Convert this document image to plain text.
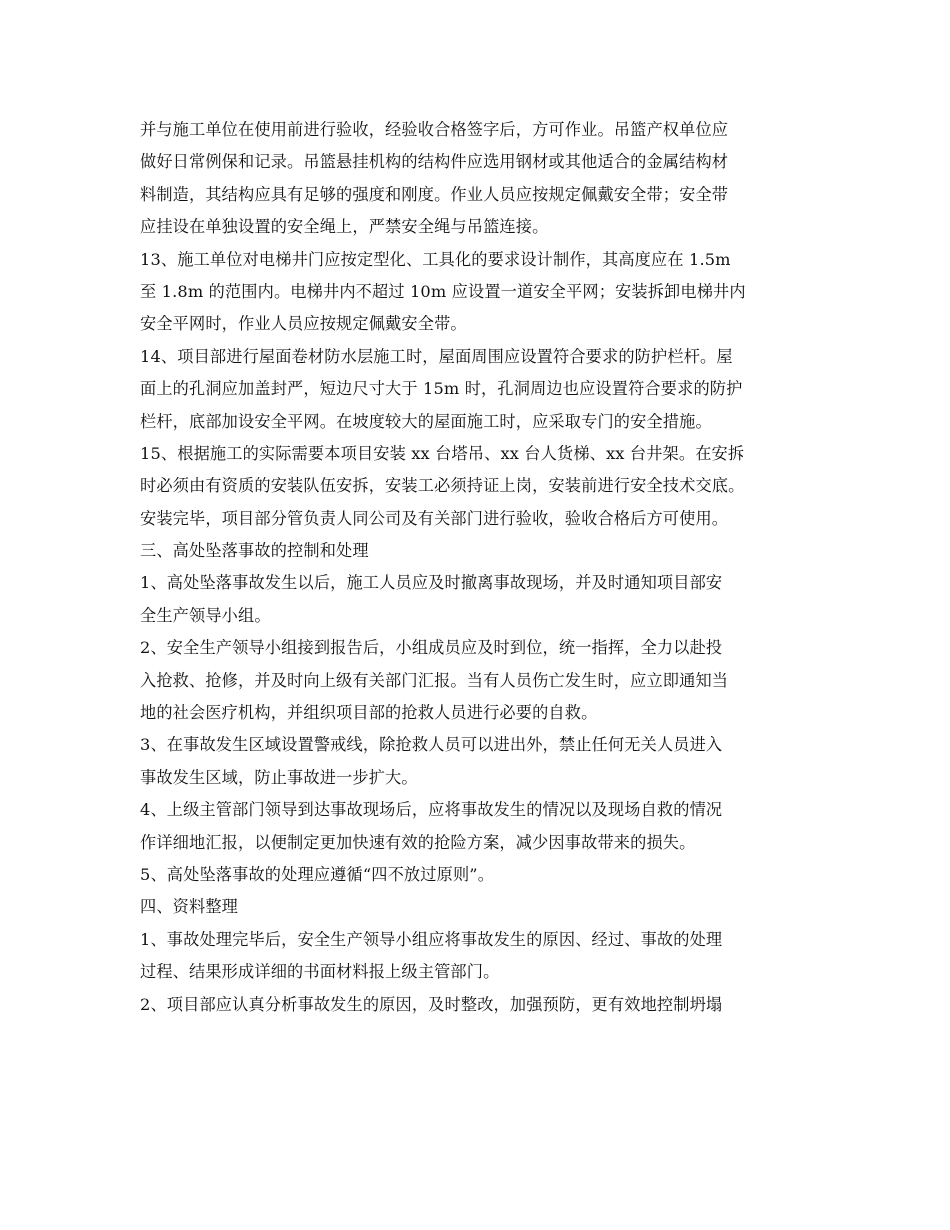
并与施工单位在使用前进行验收，经验收合格签字后，方可作业。吊篮产权单位应
做好日常例保和记录。吊篮悬挂机构的结构件应选用钢材或其他适合的金属结构材
料制造，其结构应具有足够的强度和刚度。作业人员应按规定佩戴安全带；安全带
应挂设在单独设置的安全绳上，严禁安全绳与吊篮连接。
13、施工单位对电梯井门应按定型化、工具化的要求设计制作，其高度应在 1.5m
至 1.8m 的范围内。电梯井内不超过 10m 应设置一道安全平网；安装拆卸电梯井内
安全平网时，作业人员应按规定佩戴安全带。
14、项目部进行屋面卷材防水层施工时，屋面周围应设置符合要求的防护栏杆。屋
面上的孔洞应加盖封严，短边尺寸大于 15m 时，孔洞周边也应设置符合要求的防护
栏杆，底部加设安全平网。在坡度较大的屋面施工时，应采取专门的安全措施。
15、根据施工的实际需要本项目安装 xx 台塔吊、xx 台人货梯、xx 台井架。在安拆
时必须由有资质的安装队伍安拆，安装工必须持证上岗，安装前进行安全技术交底。
安装完毕，项目部分管负责人同公司及有关部门进行验收，验收合格后方可使用。
三、高处坠落事故的控制和处理
1、高处坠落事故发生以后，施工人员应及时撤离事故现场，并及时通知项目部安
全生产领导小组。
2、安全生产领导小组接到报告后，小组成员应及时到位，统一指挥，全力以赴投
入抢救、抢修，并及时向上级有关部门汇报。当有人员伤亡发生时，应立即通知当
地的社会医疗机构，并组织项目部的抢救人员进行必要的自救。
3、在事故发生区域设置警戒线，除抢救人员可以进出外，禁止任何无关人员进入
事故发生区域，防止事故进一步扩大。
4、上级主管部门领导到达事故现场后，应将事故发生的情况以及现场自救的情况
作详细地汇报，以便制定更加快速有效的抢险方案，减少因事故带来的损失。
5、高处坠落事故的处理应遵循“四不放过原则”。
四、资料整理
1、事故处理完毕后，安全生产领导小组应将事故发生的原因、经过、事故的处理
过程、结果形成详细的书面材料报上级主管部门。
2、项目部应认真分析事故发生的原因，及时整改，加强预防，更有效地控制坍塌
